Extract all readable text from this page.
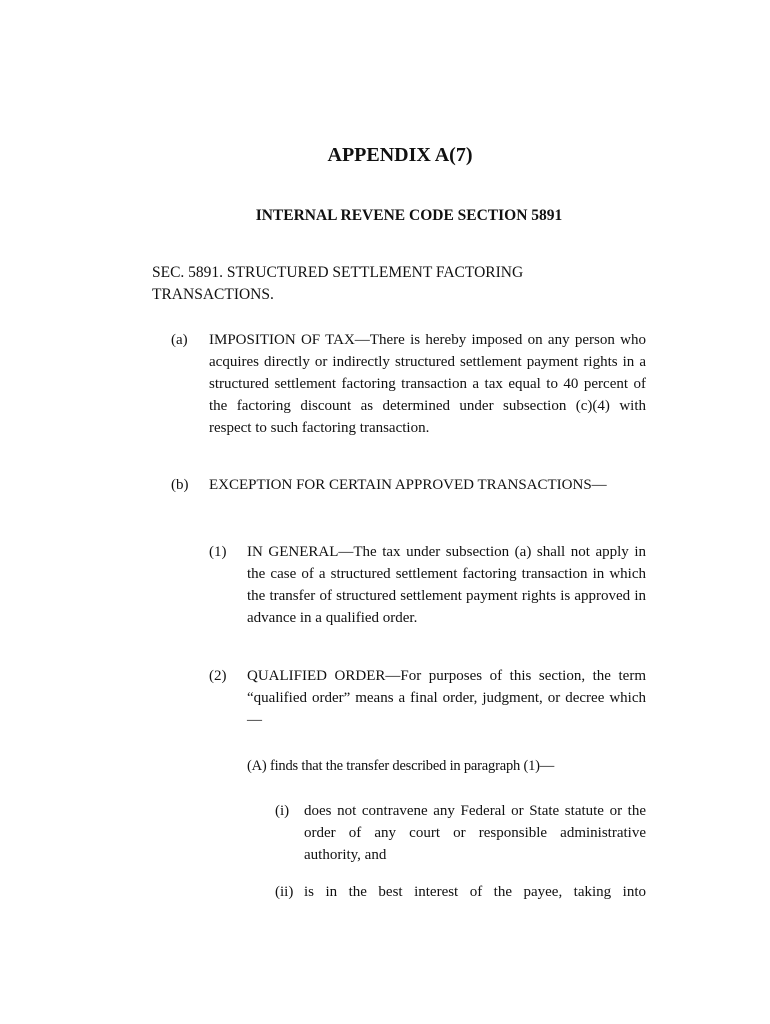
APPENDIX A(7)
INTERNAL REVENE CODE SECTION 5891
SEC. 5891. STRUCTURED SETTLEMENT FACTORING TRANSACTIONS.
(a) IMPOSITION OF TAX—There is hereby imposed on any person who acquires directly or indirectly structured settlement payment rights in a structured settlement factoring transaction a tax equal to 40 percent of the factoring discount as determined under subsection (c)(4) with respect to such factoring transaction.
(b) EXCEPTION FOR CERTAIN APPROVED TRANSACTIONS—
(1) IN GENERAL—The tax under subsection (a) shall not apply in the case of a structured settlement factoring transaction in which the transfer of structured settlement payment rights is approved in advance in a qualified order.
(2) QUALIFIED ORDER—For purposes of this section, the term “qualified order” means a final order, judgment, or decree which—
(A) finds that the transfer described in paragraph (1)—
(i) does not contravene any Federal or State statute or the order of any court or responsible administrative authority, and
(ii) is in the best interest of the payee, taking into
